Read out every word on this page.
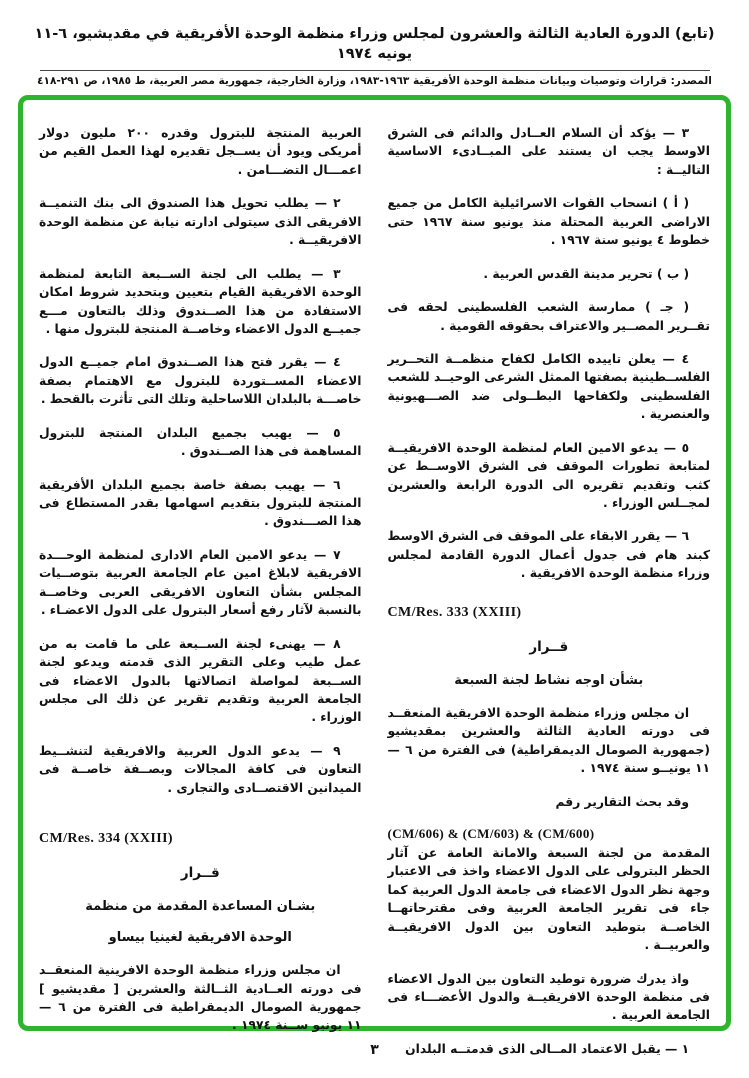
(تابع) الدورة العادية الثالثة والعشرون لمجلس وزراء منظمة الوحدة الأفريقية في مقديشيو، ٦-١١ يونيه ١٩٧٤
المصدر: قرارات وتوصيات وبيانات منظمة الوحدة الأفريقية ١٩٦٣-١٩٨٣، وزارة الخارجية، جمهورية مصر العربية، ط ١٩٨٥، ص ٢٩١-٤١٨

٣ — يؤكد أن السلام العــادل والدائم فى الشرق الاوسط يجب ان يستند على المبــادىء الاساسية التاليــة :

( أ ) انسحاب القوات الاسرائيلية الكامل من جميع الاراضى العربية المحتلة منذ يونيو سنة ١٩٦٧ حتى خطوط ٤ يونيو سنة ١٩٦٧ .

( ب ) تحرير مدينة القدس العربية .

( جـ ) ممارسة الشعب الفلسطينى لحقه فى تقــرير المصــير والاعتراف بحقوقه القومية .

٤ — يعلن تاييده الكامل لكفاح منظمــة التحــرير الفلســطينية بصفتها الممثل الشرعى الوحيــد للشعب الفلسطينى ولكفاحها البطــولى ضد الصـــهيونية والعنصرية .

٥ — يدعو الامين العام لمنظمة الوحدة الافريقيــة لمتابعة تطورات الموقف فى الشرق الاوســط عن كثب وتقديم تقريره الى الدورة الرابعة والعشرين لمجــلس الوزراء .

٦ — يقرر الابقاء على الموقف فى الشرق الاوسط كبند هام فى جدول أعمال الدورة القادمة لمجلس وزراء منظمة الوحدة الافريقية .

CM/Res. 333 (XXIII)

قــرار

بشأن اوجه نشاط لجنة السبعة

ان مجلس وزراء منظمة الوحدة الافريقية المنعقــد فى دورته العادية الثالثة والعشرين بمقديشيو (جمهورية الصومال الديمقراطية) فى الفترة من ٦ — ١١ يونيــو سنة ١٩٧٤ .

وقد بحث التقارير رقم

(CM/606) & (CM/603) & (CM/600)

المقدمة من لجنة السبعة والامانة العامة عن آثار الحظر البترولى على الدول الاعضاء واخذ فى الاعتبار وجهة نظر الدول الاعضاء فى جامعة الدول العربية كما جاء فى تقرير الجامعة العربية وفى مقترحاتهــا الخاصــة بتوطيد التعاون بين الدول الافريقيــة والعربيــة .

واذ يدرك ضرورة توطيد التعاون بين الدول الاعضاء فى منظمة الوحدة الافريقيــة والدول الأعضـــاء فى الجامعة العربية .

١ — يقبل الاعتماد المــالى الذى قدمتــه البلدان

العربية المنتجة للبترول وقدره ٢٠٠ مليون دولار أمريكى ويود أن يســجل تقديره لهذا العمل القيم من اعمـــال التضـــامن .

٢ — يطلب تحويل هذا الصندوق الى بنك التنميــة الافريقى الذى سيتولى ادارته نيابة عن منظمة الوحدة الافريقيــة .

٣ — يطلب الى لجنة الســبعة التابعة لمنظمة الوحدة الافريقية القيام بتعيين وبتحديد شروط امكان الاستفادة من هذا الصــندوق وذلك بالتعاون مـــع جميــع الدول الاعضاء وخاصــة المنتجة للبترول منها .

٤ — يقرر فتح هذا الصــندوق امام جميــع الدول الاعضاء المســتوردة للبترول مع الاهتمام بصفة خاصـــة بالبلدان اللاساحلية وتلك التى تأثرت بالقحط .

٥ — يهيب بجميع البلدان المنتجة للبترول المساهمة فى هذا الصــندوق .

٦ — يهيب بصفة خاصة بجميع البلدان الأفريقية المنتجة للبترول بتقديم اسهامها بقدر المستطاع فى هذا الصـــندوق .

٧ — يدعو الامين العام الادارى لمنظمة الوحـــدة الافريقية لابلاغ امين عام الجامعة العربية بتوصــيات المجلس بشأن التعاون الافريقى العربى وخاصــة بالنسبة لآثار رفع أسعار البترول على الدول الاعضـاء .

٨ — يهنىء لجنة الســبعة على ما قامت به من عمل طيب وعلى التقرير الذى قدمته ويدعو لجنة الســبعة لمواصلة اتصالاتها بالدول الاعضاء فى الجامعة العربية وتقديم تقرير عن ذلك الى مجلس الوزراء .

٩ — يدعو الدول العربية والافريقية لتنشــيط التعاون فى كافة المجالات وبصــفة خاصــة فى الميدانين الاقتصــادى والتجارى .

CM/Res. 334 (XXIII)

قــرار

بشـان المساعدة المقدمة من منظمة

الوحدة الافريقية لغينيا بيساو

ان مجلس وزراء منظمة الوحدة الافرينية المنعقــد فى دورته العــادية الثــالثة والعشرين [ مقديشيو ] جمهورية الصومال الديمقراطية فى الفترة من ٦ — ١١ يونيو ســنة ١٩٧٤ .

٣
